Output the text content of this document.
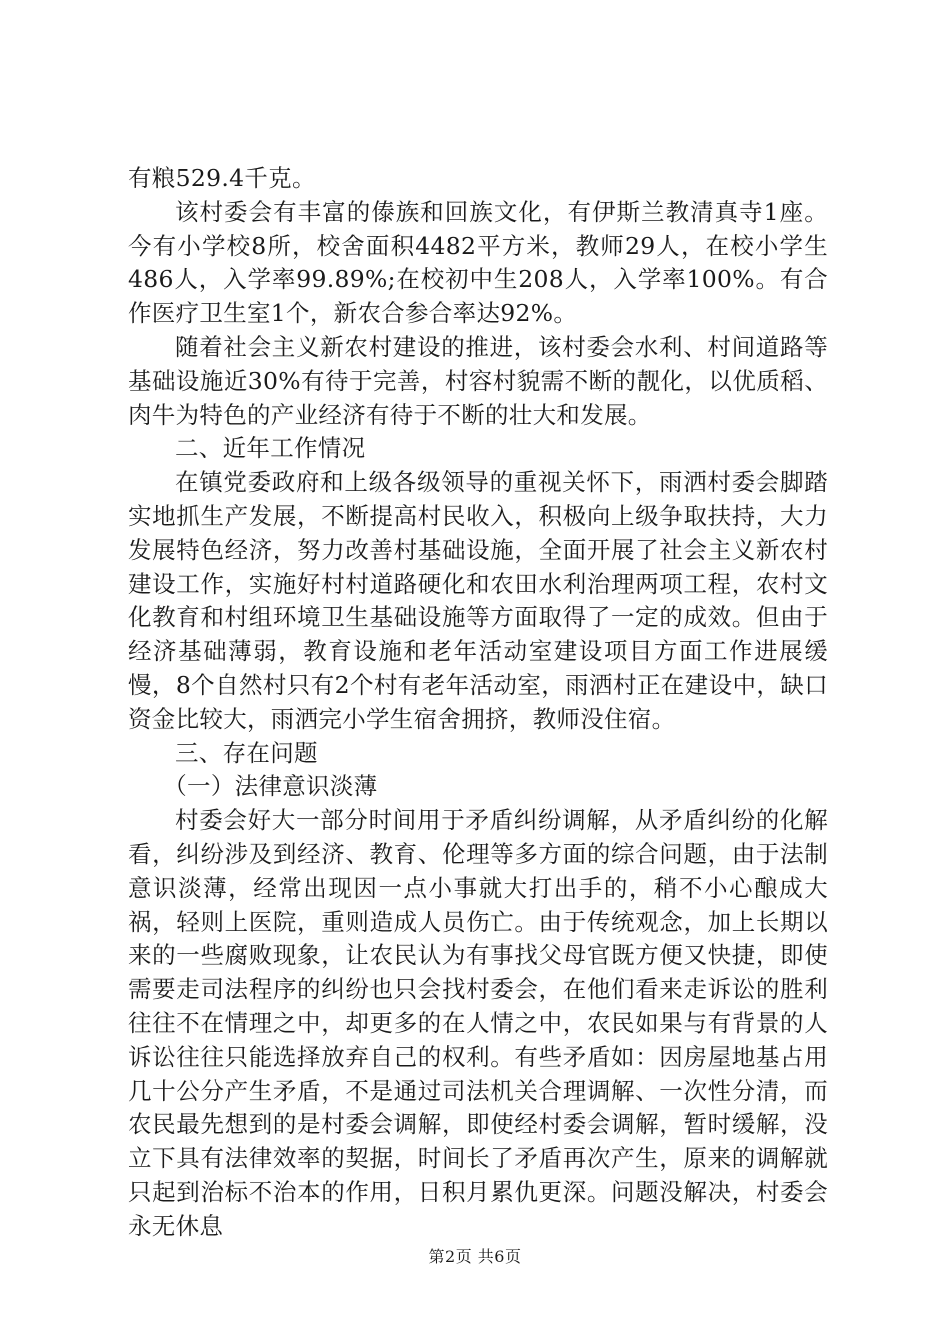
有粮529.4千克。

该村委会有丰富的傣族和回族文化，有伊斯兰教清真寺1座。今有小学校8所，校舍面积4482平方米，教师29人，在校小学生486人，入学率99.89%;在校初中生208人，入学率100%。有合作医疗卫生室1个，新农合参合率达92%。

随着社会主义新农村建设的推进，该村委会水利、村间道路等基础设施近30%有待于完善，村容村貌需不断的靓化，以优质稻、肉牛为特色的产业经济有待于不断的壮大和发展。

二、近年工作情况

在镇党委政府和上级各级领导的重视关怀下，雨洒村委会脚踏实地抓生产发展，不断提高村民收入，积极向上级争取扶持，大力发展特色经济，努力改善村基础设施，全面开展了社会主义新农村建设工作，实施好村村道路硬化和农田水利治理两项工程，农村文化教育和村组环境卫生基础设施等方面取得了一定的成效。但由于经济基础薄弱，教育设施和老年活动室建设项目方面工作进展缓慢，8个自然村只有2个村有老年活动室，雨洒村正在建设中，缺口资金比较大，雨洒完小学生宿舍拥挤，教师没住宿。

三、存在问题

（一）法律意识淡薄

村委会好大一部分时间用于矛盾纠纷调解，从矛盾纠纷的化解看，纠纷涉及到经济、教育、伦理等多方面的综合问题，由于法制意识淡薄，经常出现因一点小事就大打出手的，稍不小心酿成大祸，轻则上医院，重则造成人员伤亡。由于传统观念，加上长期以来的一些腐败现象，让农民认为有事找父母官既方便又快捷，即使需要走司法程序的纠纷也只会找村委会，在他们看来走诉讼的胜利往往不在情理之中，却更多的在人情之中，农民如果与有背景的人诉讼往往只能选择放弃自己的权利。有些矛盾如：因房屋地基占用几十公分产生矛盾，不是通过司法机关合理调解、一次性分清，而农民最先想到的是村委会调解，即使经村委会调解，暂时缓解，没立下具有法律效率的契据，时间长了矛盾再次产生，原来的调解就只起到治标不治本的作用，日积月累仇更深。问题没解决，村委会永无休息

第2页 共6页
